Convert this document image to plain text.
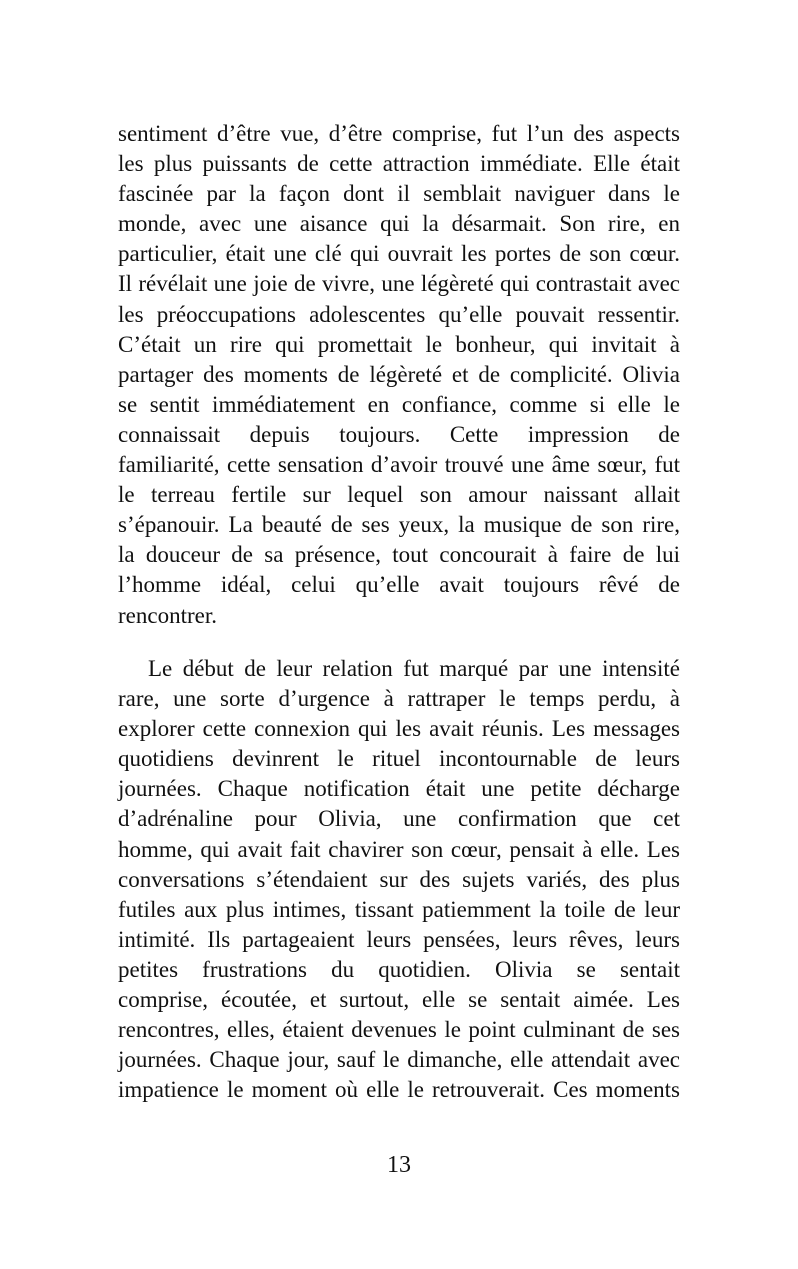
sentiment d’être vue, d’être comprise, fut l’un des aspects
les plus puissants de cette attraction immédiate. Elle était
fascinée par la façon dont il semblait naviguer dans le
monde, avec une aisance qui la désarmait. Son rire, en
particulier, était une clé qui ouvrait les portes de son cœur.
Il révélait une joie de vivre, une légèreté qui contrastait avec
les préoccupations adolescentes qu’elle pouvait ressentir.
C’était un rire qui promettait le bonheur, qui invitait à
partager des moments de légèreté et de complicité. Olivia
se sentit immédiatement en confiance, comme si elle le
connaissait depuis toujours. Cette impression de
familiarité, cette sensation d’avoir trouvé une âme sœur, fut
le terreau fertile sur lequel son amour naissant allait
s’épanouir. La beauté de ses yeux, la musique de son rire,
la douceur de sa présence, tout concourait à faire de lui
l’homme idéal, celui qu’elle avait toujours rêvé de
rencontrer.
Le début de leur relation fut marqué par une intensité
rare, une sorte d’urgence à rattraper le temps perdu, à
explorer cette connexion qui les avait réunis. Les messages
quotidiens devinrent le rituel incontournable de leurs
journées. Chaque notification était une petite décharge
d’adrénaline pour Olivia, une confirmation que cet
homme, qui avait fait chavirer son cœur, pensait à elle. Les
conversations s’étendaient sur des sujets variés, des plus
futiles aux plus intimes, tissant patiemment la toile de leur
intimité. Ils partageaient leurs pensées, leurs rêves, leurs
petites frustrations du quotidien. Olivia se sentait
comprise, écoutée, et surtout, elle se sentait aimée. Les
rencontres, elles, étaient devenues le point culminant de ses
journées. Chaque jour, sauf le dimanche, elle attendait avec
impatience le moment où elle le retrouverait. Ces moments
13
